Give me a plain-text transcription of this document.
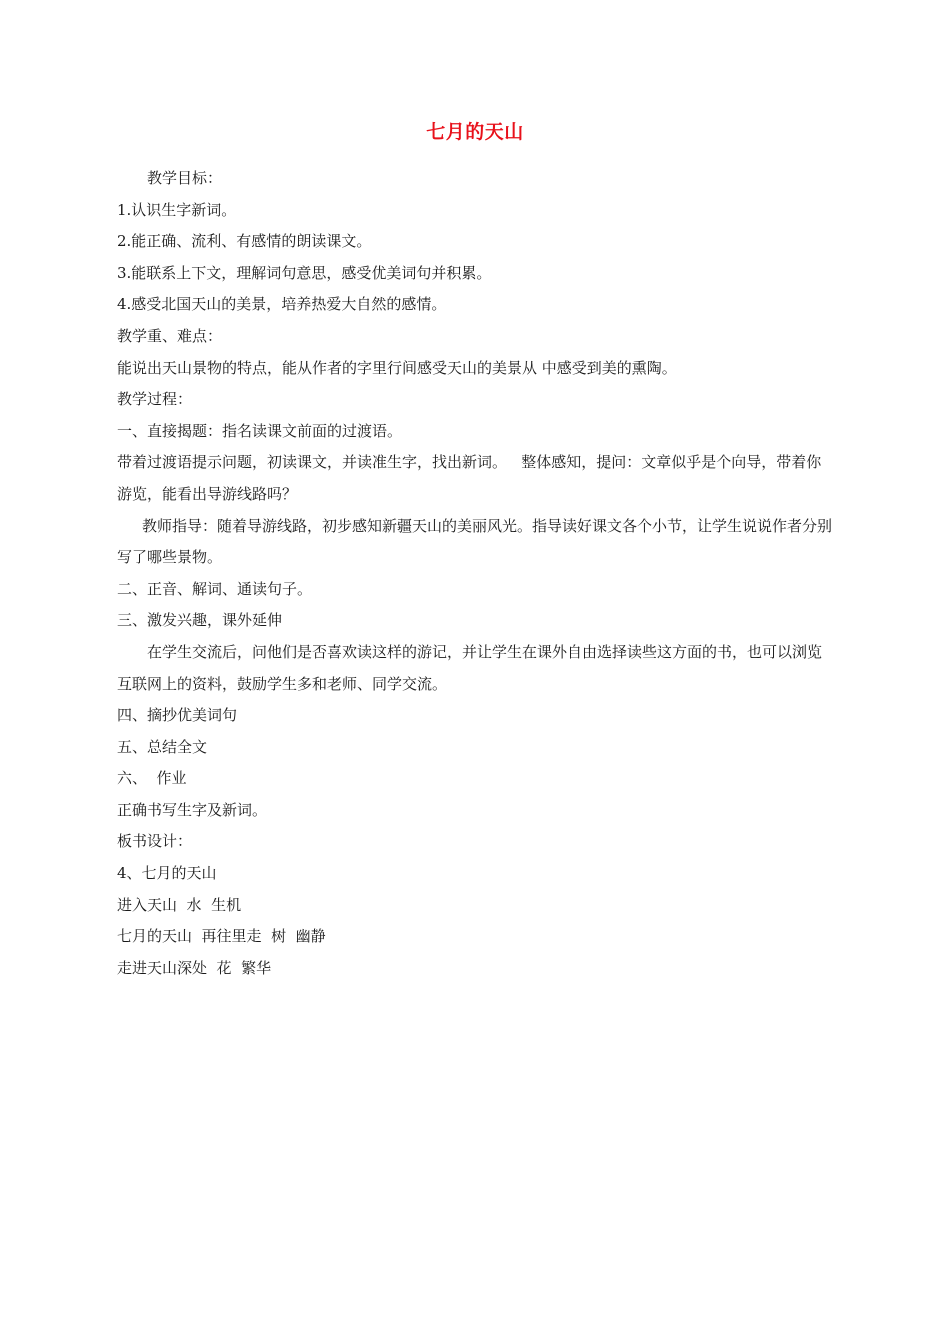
七月的天山

教学目标：

1.认识生字新词。

2.能正确、流利、有感情的朗读课文。

3.能联系上下文，理解词句意思，感受优美词句并积累。

4.感受北国天山的美景，培养热爱大自然的感情。

教学重、难点：

能说出天山景物的特点，能从作者的字里行间感受天山的美景从 中感受到美的熏陶。

教学过程：

一、直接揭题：指名读课文前面的过渡语。

带着过渡语提示问题，初读课文，并读准生字，找出新词。   整体感知，提问：文章似乎是个向导，带着你游览，能看出导游线路吗？

教师指导：随着导游线路，初步感知新疆天山的美丽风光。指导读好课文各个小节，让学生说说作者分别写了哪些景物。

二、正音、解词、通读句子。

三、激发兴趣，课外延伸

在学生交流后，问他们是否喜欢读这样的游记，并让学生在课外自由选择读些这方面的书，也可以浏览互联网上的资料，鼓励学生多和老师、同学交流。

四、摘抄优美词句

五、总结全文

六、  作业

正确书写生字及新词。

板书设计：

4、七月的天山

进入天山  水  生机

七月的天山  再往里走  树  幽静

走进天山深处  花  繁华
